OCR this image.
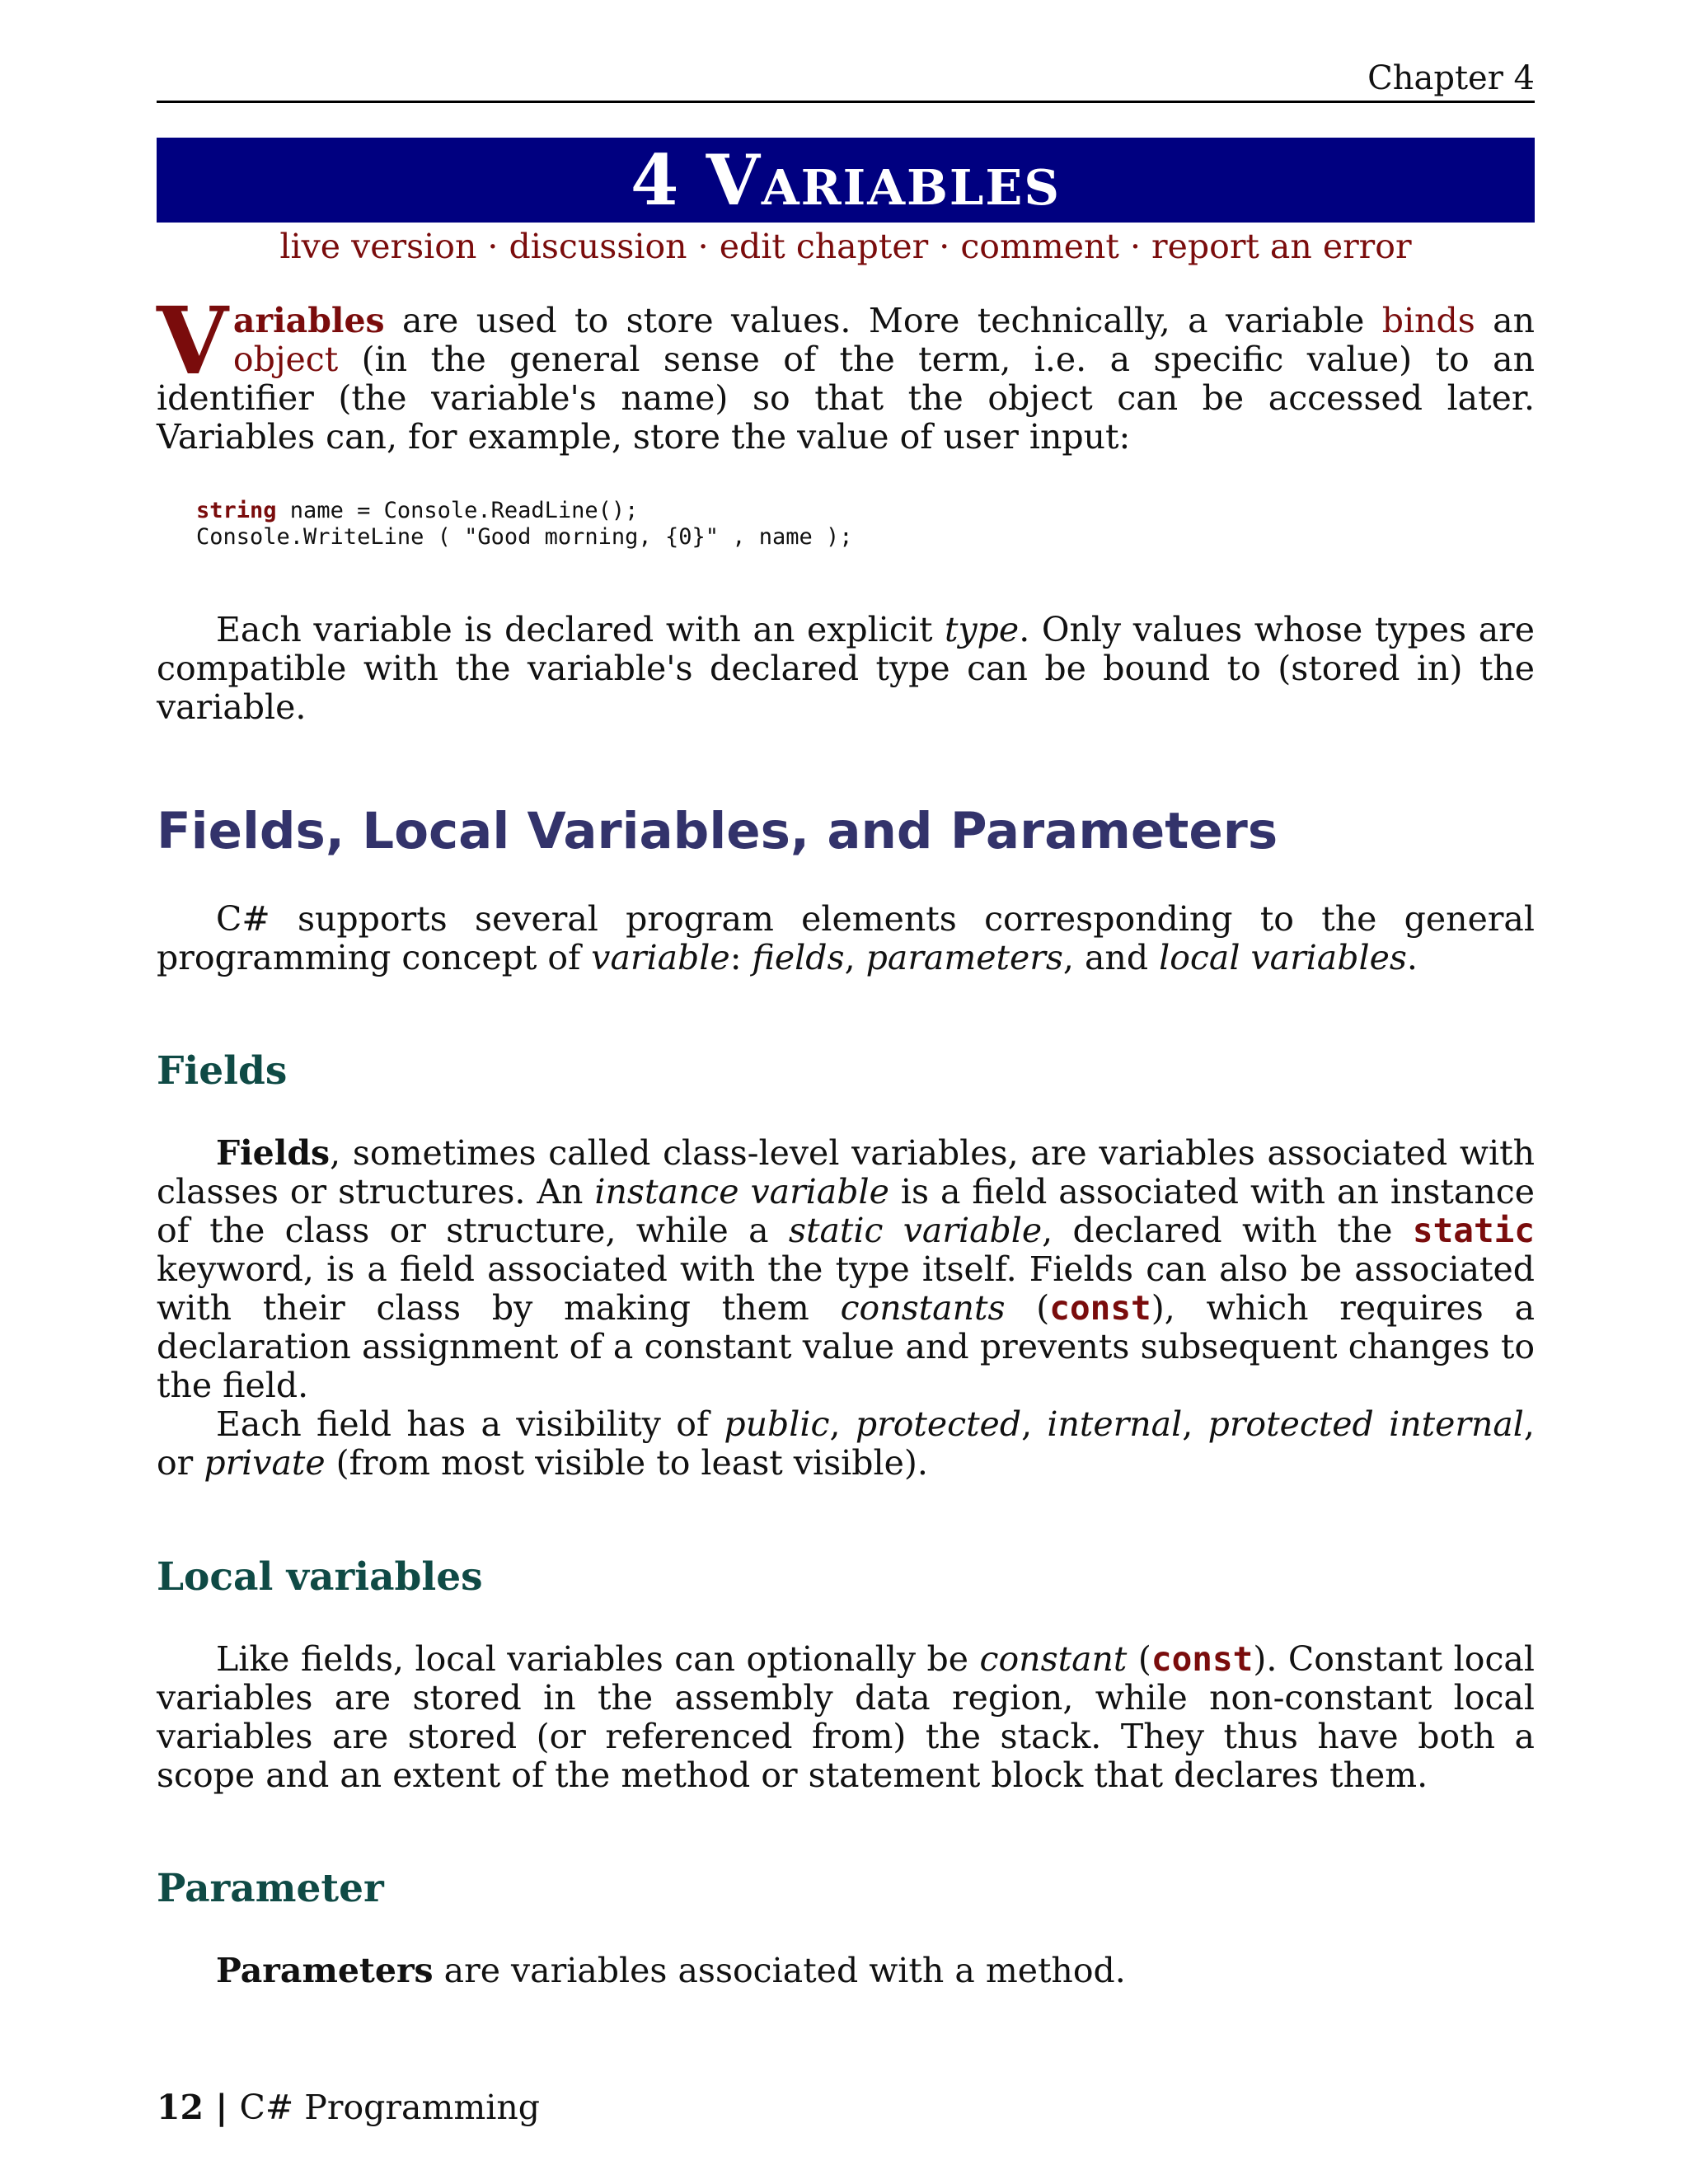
Chapter 4
4 Variables
live version · discussion · edit chapter · comment · report an error
Variables are used to store values. More technically, a variable binds an object (in the general sense of the term, i.e. a specific value) to an identifier (the variable's name) so that the object can be accessed later. Variables can, for example, store the value of user input:
string name = Console.ReadLine();
Console.WriteLine ( "Good morning, {0}" , name );
Each variable is declared with an explicit type. Only values whose types are compatible with the variable's declared type can be bound to (stored in) the variable.
Fields, Local Variables, and Parameters
C# supports several program elements corresponding to the general programming concept of variable: fields, parameters, and local variables.
Fields
Fields, sometimes called class-level variables, are variables associated with classes or structures. An instance variable is a field associated with an instance of the class or structure, while a static variable, declared with the static keyword, is a field associated with the type itself. Fields can also be associated with their class by making them constants (const), which requires a declaration assignment of a constant value and prevents subsequent changes to the field.
Each field has a visibility of public, protected, internal, protected internal, or private (from most visible to least visible).
Local variables
Like fields, local variables can optionally be constant (const). Constant local variables are stored in the assembly data region, while non-constant local variables are stored (or referenced from) the stack. They thus have both a scope and an extent of the method or statement block that declares them.
Parameter
Parameters are variables associated with a method.
12 | C# Programming
